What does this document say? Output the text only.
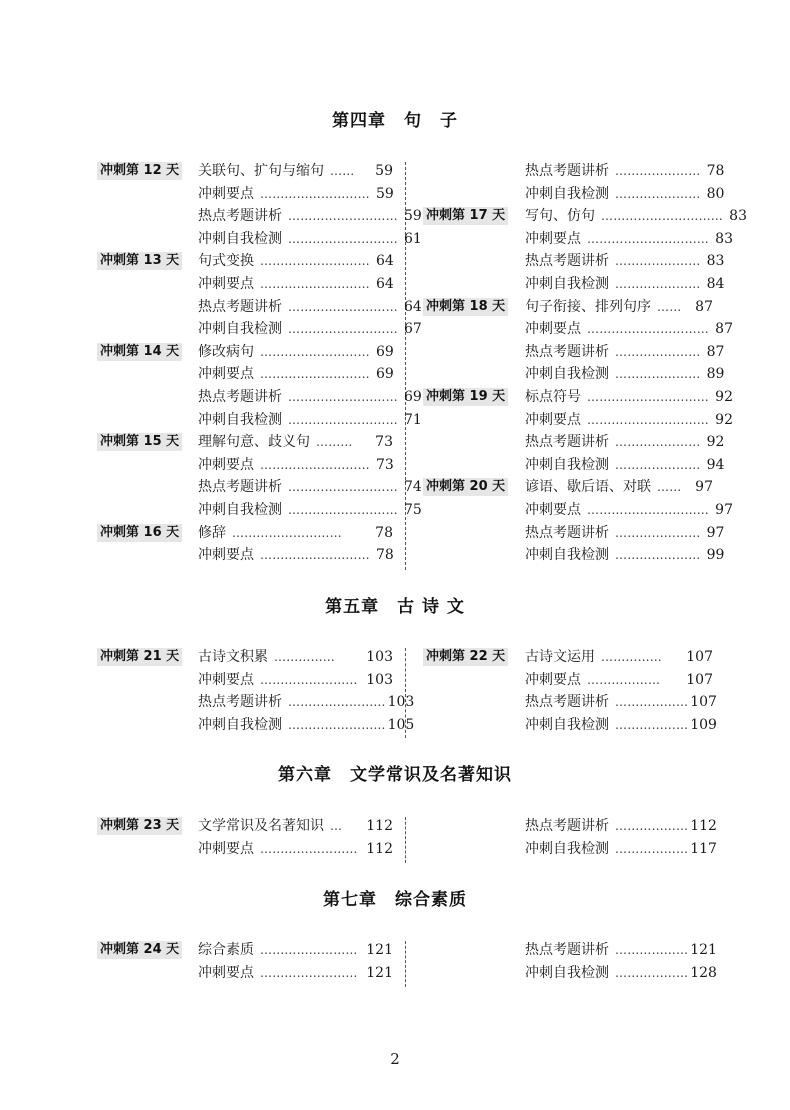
第四章　句　子
冲刺第 12 天 关联句、扩句与缩句 ……	59
冲刺要点 ……………………… 59
热点考题讲析 ……………………… 59
冲刺自我检测 ……………………… 61
冲刺第 13 天 句式变换 ……………………… 64
冲刺要点 ……………………… 64
热点考题讲析 ……………………… 64
冲刺自我检测 ……………………… 67
冲刺第 14 天 修改病句 ……………………… 69
冲刺要点 ……………………… 69
热点考题讲析 ……………………… 69
冲刺自我检测 ……………………… 71
冲刺第 15 天 理解句意、歧义句 ………	73
冲刺要点 ……………………… 73
热点考题讲析 ……………………… 74
冲刺自我检测 ……………………… 75
冲刺第 16 天 修辞 ………………………	78
冲刺要点 ……………………… 78
热点考题讲析 ………………… 78
冲刺自我检测 ………………… 80
冲刺第 17 天 写句、仿句 ………………………… 83
冲刺要点 ………………………… 83
热点考题讲析 ………………… 83
冲刺自我检测 ………………… 84
冲刺第 18 天 句子衔接、排列句序 …… 87
冲刺要点 ………………………… 87
热点考题讲析 ………………… 87
冲刺自我检测 ………………… 89
冲刺第 19 天 标点符号 ………………………… 92
冲刺要点 ………………………… 92
热点考题讲析 ………………… 92
冲刺自我检测 ………………… 94
冲刺第 20 天 谚语、歇后语、对联 …… 97
冲刺要点 ………………………… 97
热点考题讲析 ………………… 97
冲刺自我检测 ………………… 99
第五章　古 诗 文
冲刺第 21 天 古诗文积累 ……………	103
冲刺要点 …………………… 103
热点考题讲析 …………………… 103
冲刺自我检测 …………………… 105
冲刺第 22 天 古诗文运用 ……………	107
冲刺要点 ………………	107
热点考题讲析 ……………… 107
冲刺自我检测 ……………… 109
第六章　文学常识及名著知识
冲刺第 23 天 文学常识及名著知识 …	112
冲刺要点 …………………… 112
热点考题讲析 ……………… 112
冲刺自我检测 ……………… 117
第七章　综合素质
冲刺第 24 天 综合素质 …………………… 121
冲刺要点 …………………… 121
热点考题讲析 ……………… 121
冲刺自我检测 ……………… 128

2
